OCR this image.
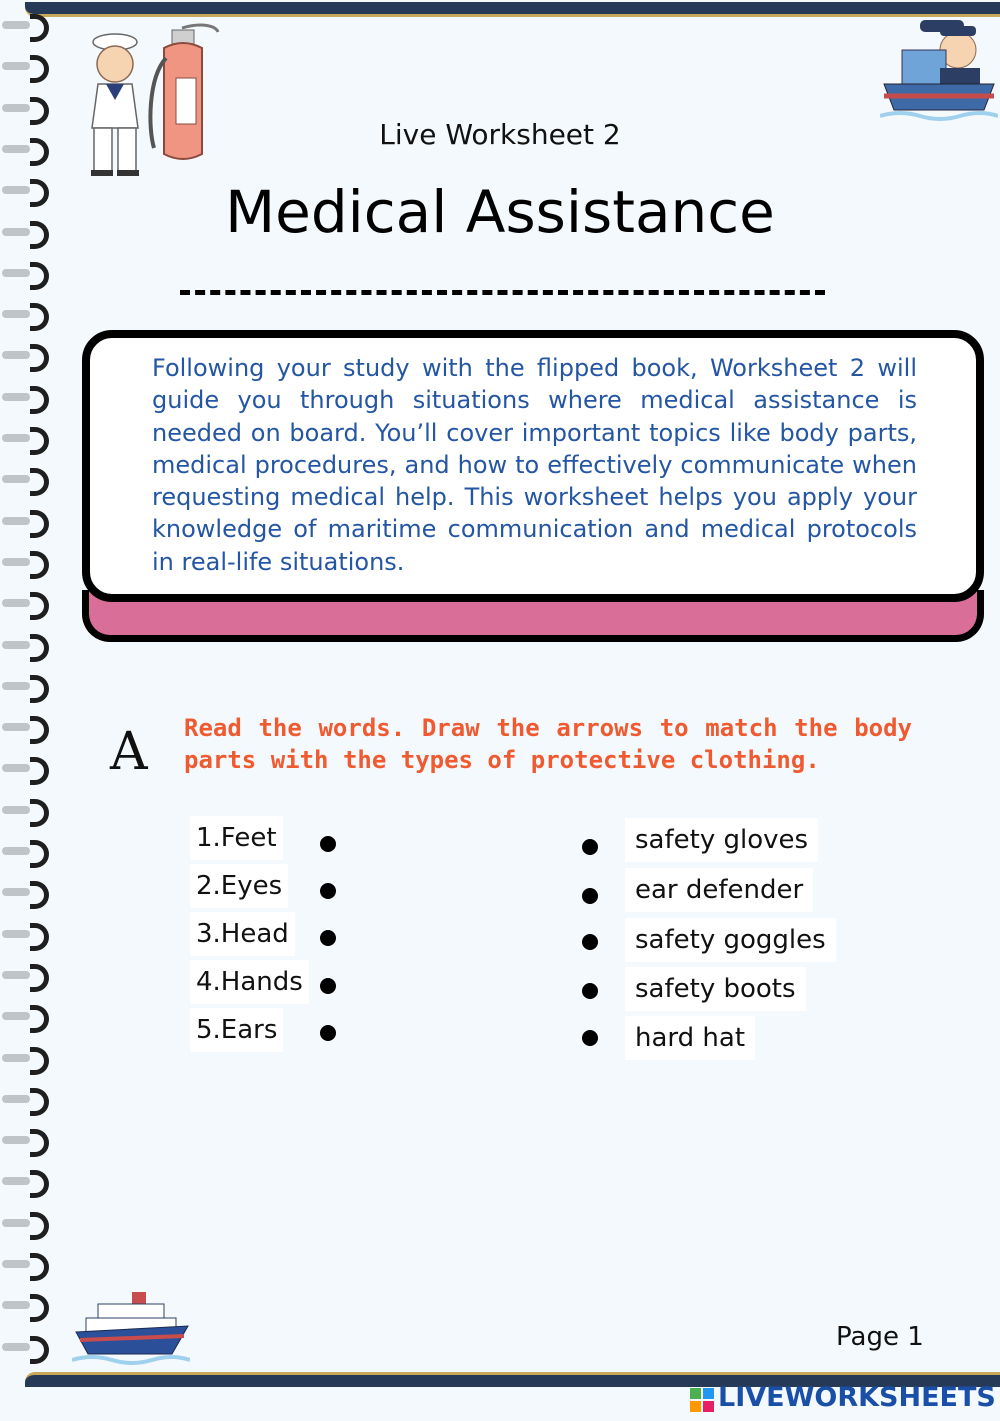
Live Worksheet 2
Medical Assistance
Following your study with the flipped book, Worksheet 2 will guide you through situations where medical assistance is needed on board. You’ll cover important topics like body parts, medical procedures, and how to effectively communicate when requesting medical help. This worksheet helps you apply your knowledge of maritime communication and medical protocols in real-life situations.
A Read the words. Draw the arrows to match the body parts with the types of protective clothing.
1.Feet
2.Eyes
3.Head
4.Hands
5.Ears
safety gloves
ear defender
safety goggles
safety boots
hard hat
Page 1
LIVEWORKSHEETS
